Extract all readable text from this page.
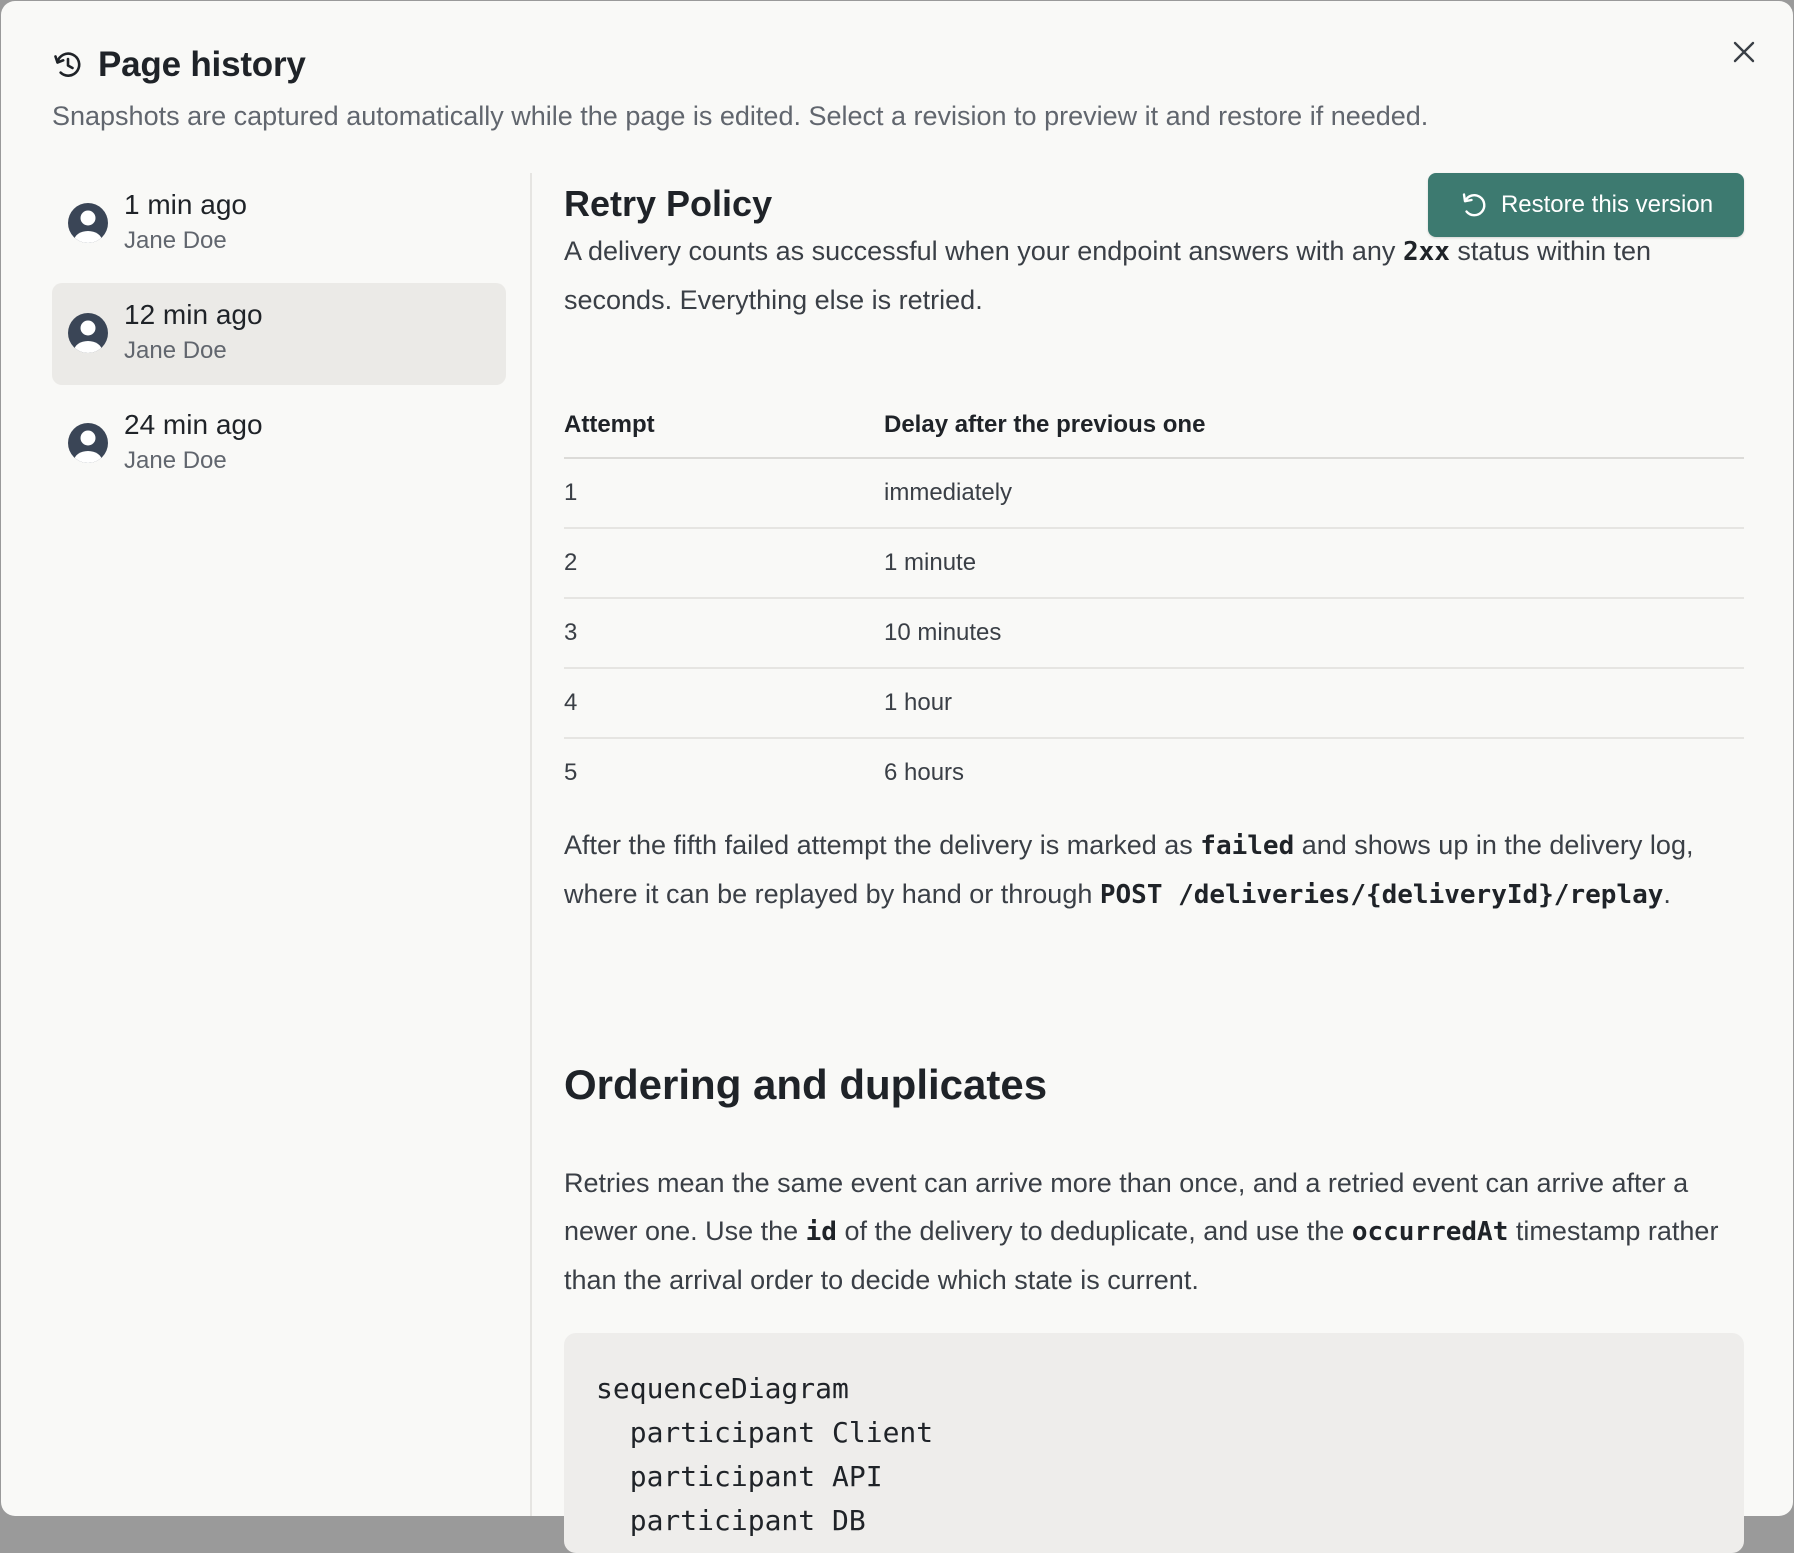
Page history
Snapshots are captured automatically while the page is edited. Select a revision to preview it and restore if needed.
1 min ago
Jane Doe
12 min ago
Jane Doe
24 min ago
Jane Doe
Retry Policy	Restore this version

A delivery counts as successful when your endpoint answers with any 2xx status within ten seconds. Everything else is retried.

Attempt	Delay after the previous one
1	immediately
2	1 minute
3	10 minutes
4	1 hour
5	6 hours

After the fifth failed attempt the delivery is marked as failed and shows up in the delivery log, where it can be replayed by hand or through POST /deliveries/{deliveryId}/replay.

Ordering and duplicates

Retries mean the same event can arrive more than once, and a retried event can arrive after a newer one. Use the id of the delivery to deduplicate, and use the occurredAt timestamp rather than the arrival order to decide which state is current.

sequenceDiagram
participant Client
participant API
participant DB
